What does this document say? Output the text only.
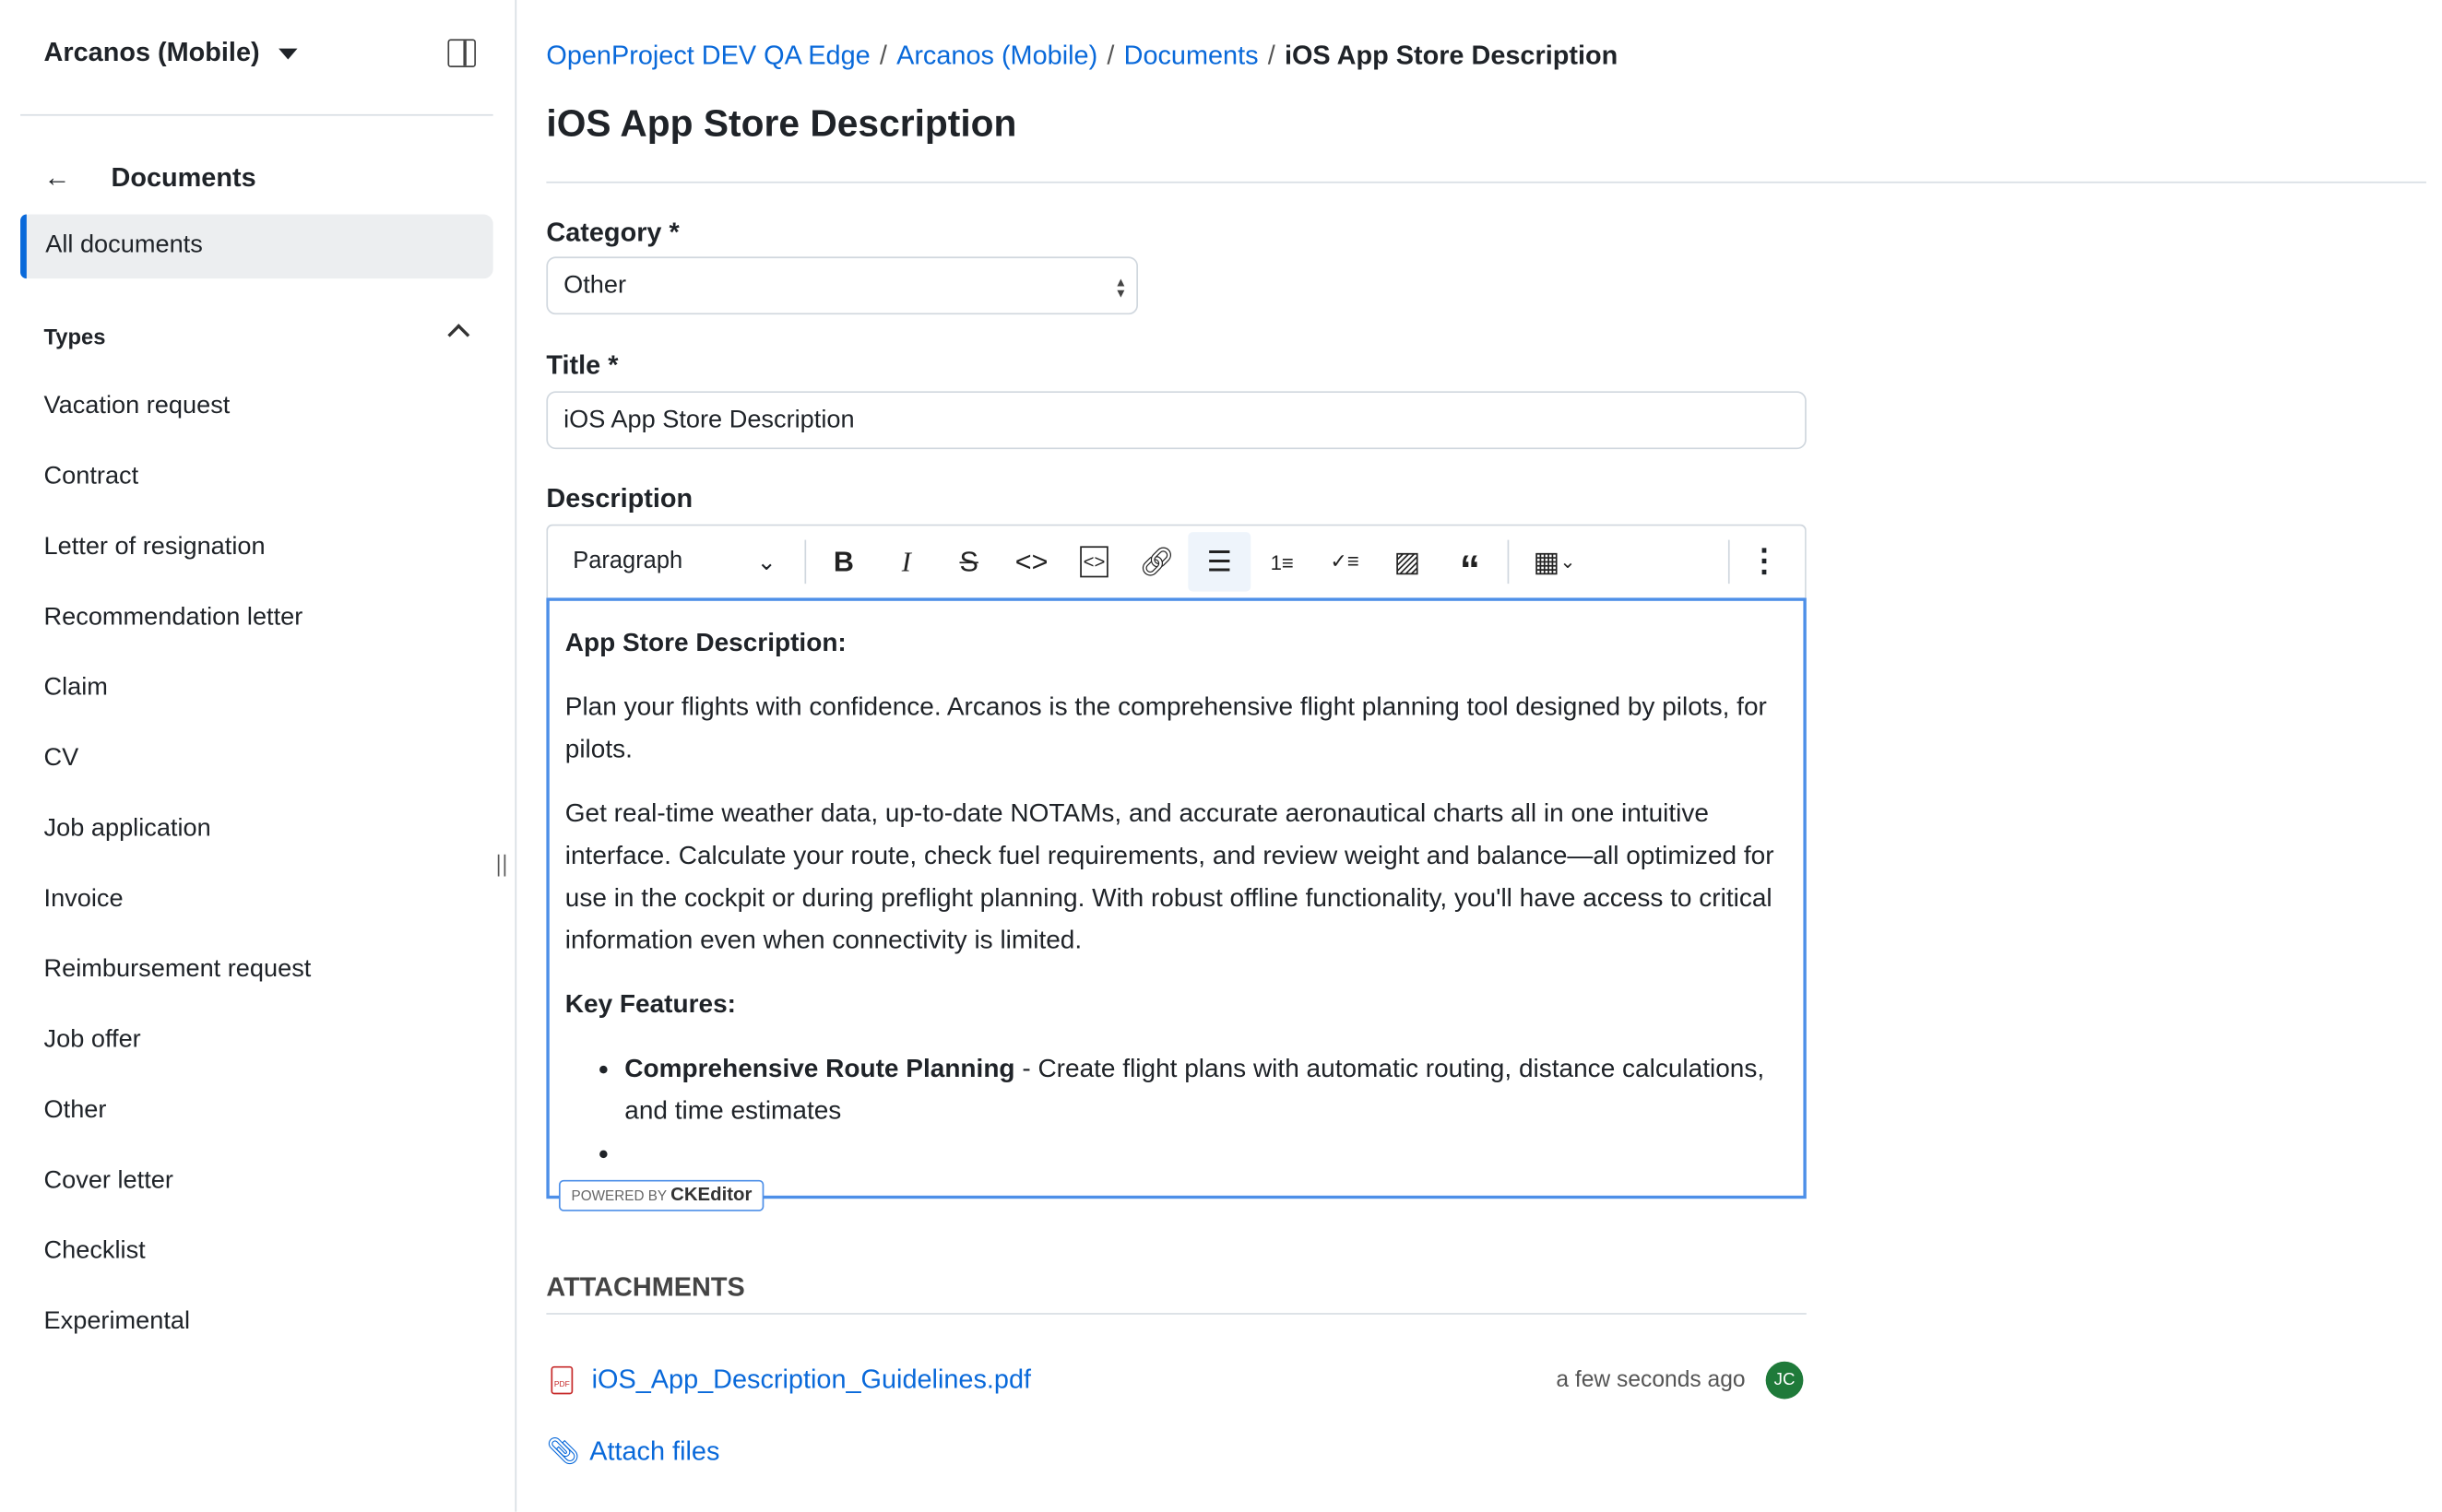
Arcanos (Mobile)
←	Documents
All documents
Types
Vacation request
Contract
Letter of resignation
Recommendation letter
Claim
CV
Job application
Invoice
Reimbursement request
Job offer
Other
Cover letter
Checklist
Experimental
OpenProject DEV QA Edge / Arcanos (Mobile) / Documents / iOS App Store Description
iOS App Store Description
Category *
Other	▲
▼
Title *
iOS App Store Description
Description
Paragraph	⌄	B	I	S	<>	<>	🔗︎	☰	1≡	✓≡	▨	“	▦ ⌄	⋮

App Store Description:

Plan your flights with confidence. Arcanos is the comprehensive flight planning tool designed by pilots, for pilots.

Get real-time weather data, up-to-date NOTAMs, and accurate aeronautical charts all in one intuitive interface. Calculate your route, check fuel requirements, and review weight and balance—all optimized for use in the cockpit or during preflight planning. With robust offline functionality, you'll have access to critical information even when connectivity is limited.

Key Features:

• Comprehensive Route Planning - Create flight plans with automatic routing, distance calculations, and time estimates
•
POWERED BY CKEditor
ATTACHMENTS
PDF iOS_App_Description_Guidelines.pdf	a few seconds ago	JC
📎︎ Attach files
